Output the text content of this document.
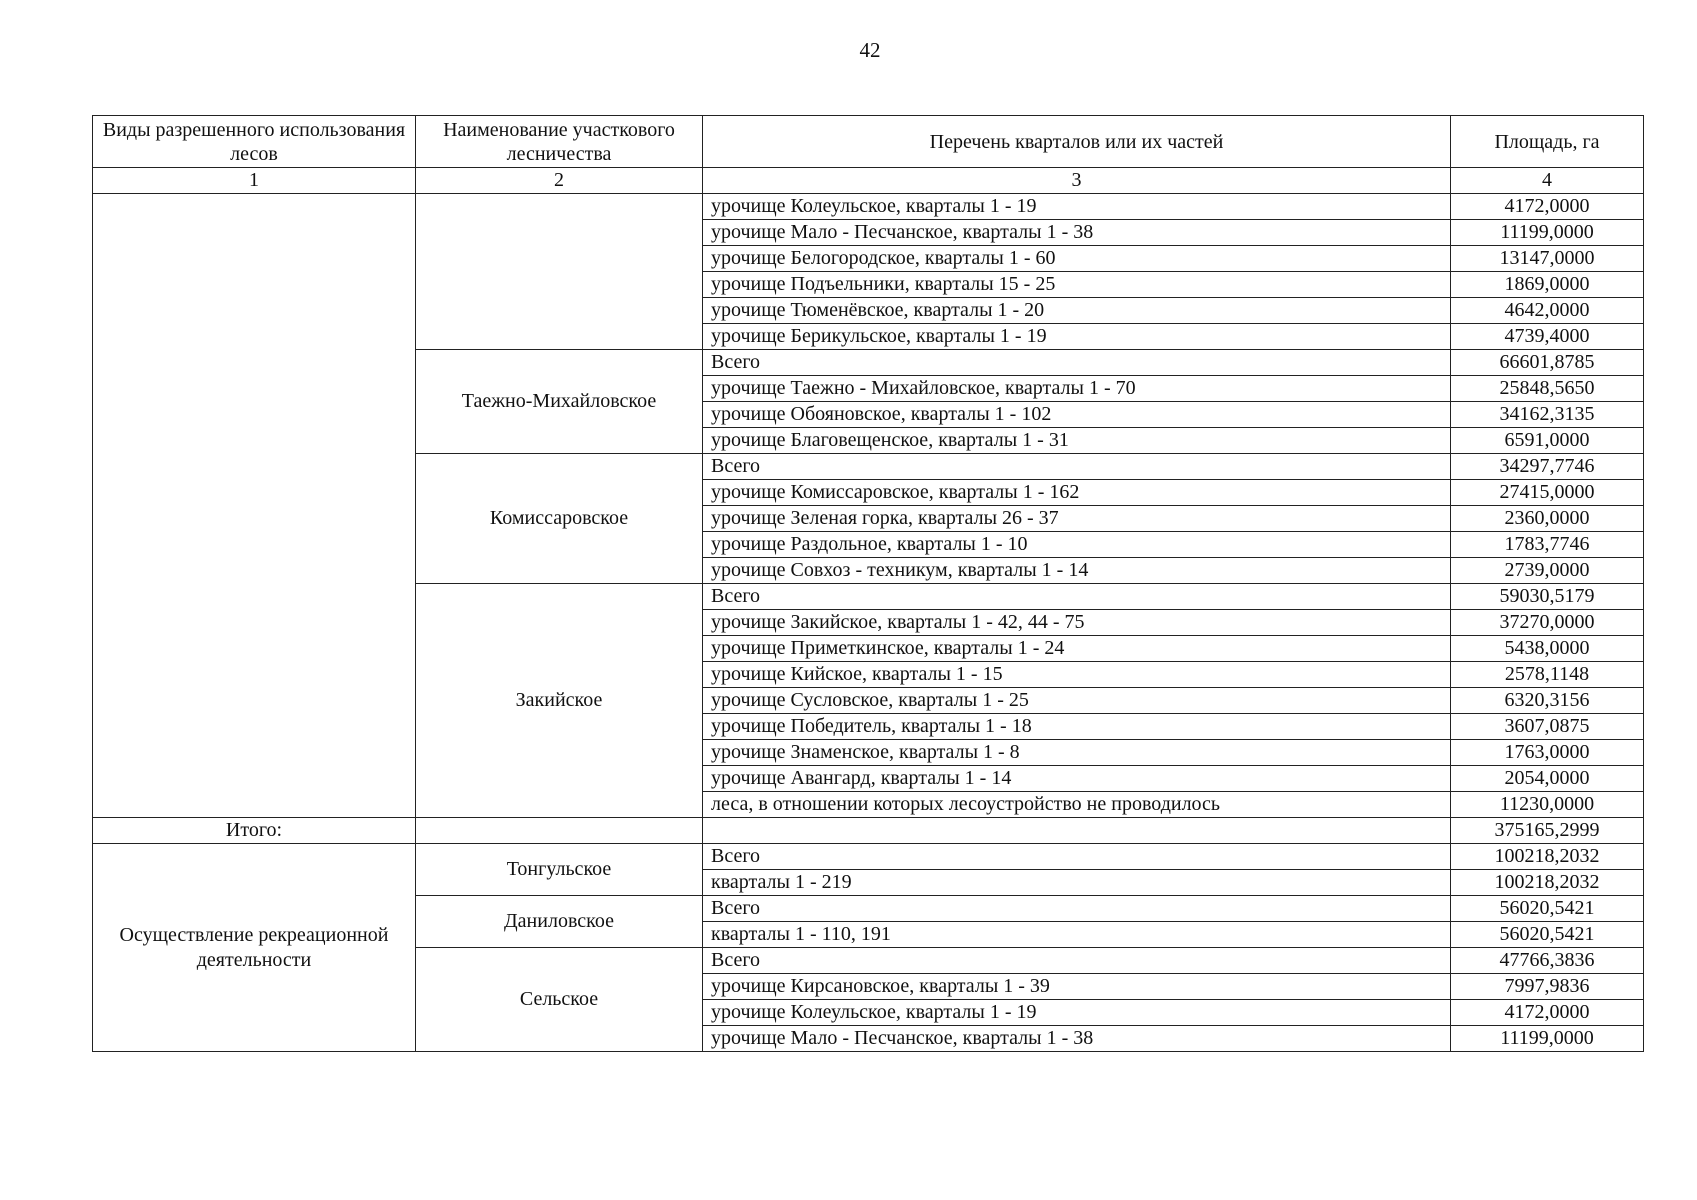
42
Виды разрешенного использования лесов	Наименование участкового лесничества	Перечень кварталов или их частей	Площадь, га
1	2	3	4
		урочище Колеульское, кварталы 1 - 19	4172,0000
		урочище Мало - Песчанское, кварталы 1 - 38	11199,0000
		урочище Белогородское, кварталы 1 - 60	13147,0000
		урочище Подъельники, кварталы 15 - 25	1869,0000
		урочище Тюменёвское, кварталы 1 - 20	4642,0000
		урочище Берикульское, кварталы 1 - 19	4739,4000
	Таежно-Михайловское	Всего	66601,8785
		урочище Таежно - Михайловское, кварталы 1 - 70	25848,5650
		урочище Обояновское, кварталы 1 - 102	34162,3135
		урочище Благовещенское, кварталы 1 - 31	6591,0000
	Комиссаровское	Всего	34297,7746
		урочище Комиссаровское, кварталы 1 - 162	27415,0000
		урочище Зеленая горка, кварталы 26 - 37	2360,0000
		урочище Раздольное, кварталы 1 - 10	1783,7746
		урочище Совхоз - техникум, кварталы 1 - 14	2739,0000
	Закийское	Всего	59030,5179
		урочище Закийское, кварталы 1 - 42, 44 - 75	37270,0000
		урочище Приметкинское, кварталы 1 - 24	5438,0000
		урочище Кийское, кварталы 1 - 15	2578,1148
		урочище Сусловское, кварталы 1 - 25	6320,3156
		урочище Победитель, кварталы 1 - 18	3607,0875
		урочище Знаменское, кварталы 1 - 8	1763,0000
		урочище Авангард, кварталы 1 - 14	2054,0000
		леса, в отношении которых лесоустройство не проводилось	11230,0000
Итого:			375165,2999
Осуществление рекреационной деятельности	Тонгульское	Всего	100218,2032
		кварталы 1 - 219	100218,2032
	Даниловское	Всего	56020,5421
		кварталы 1 - 110, 191	56020,5421
	Сельское	Всего	47766,3836
		урочище Кирсановское, кварталы 1 - 39	7997,9836
		урочище Колеульское, кварталы 1 - 19	4172,0000
		урочище Мало - Песчанское, кварталы 1 - 38	11199,0000
